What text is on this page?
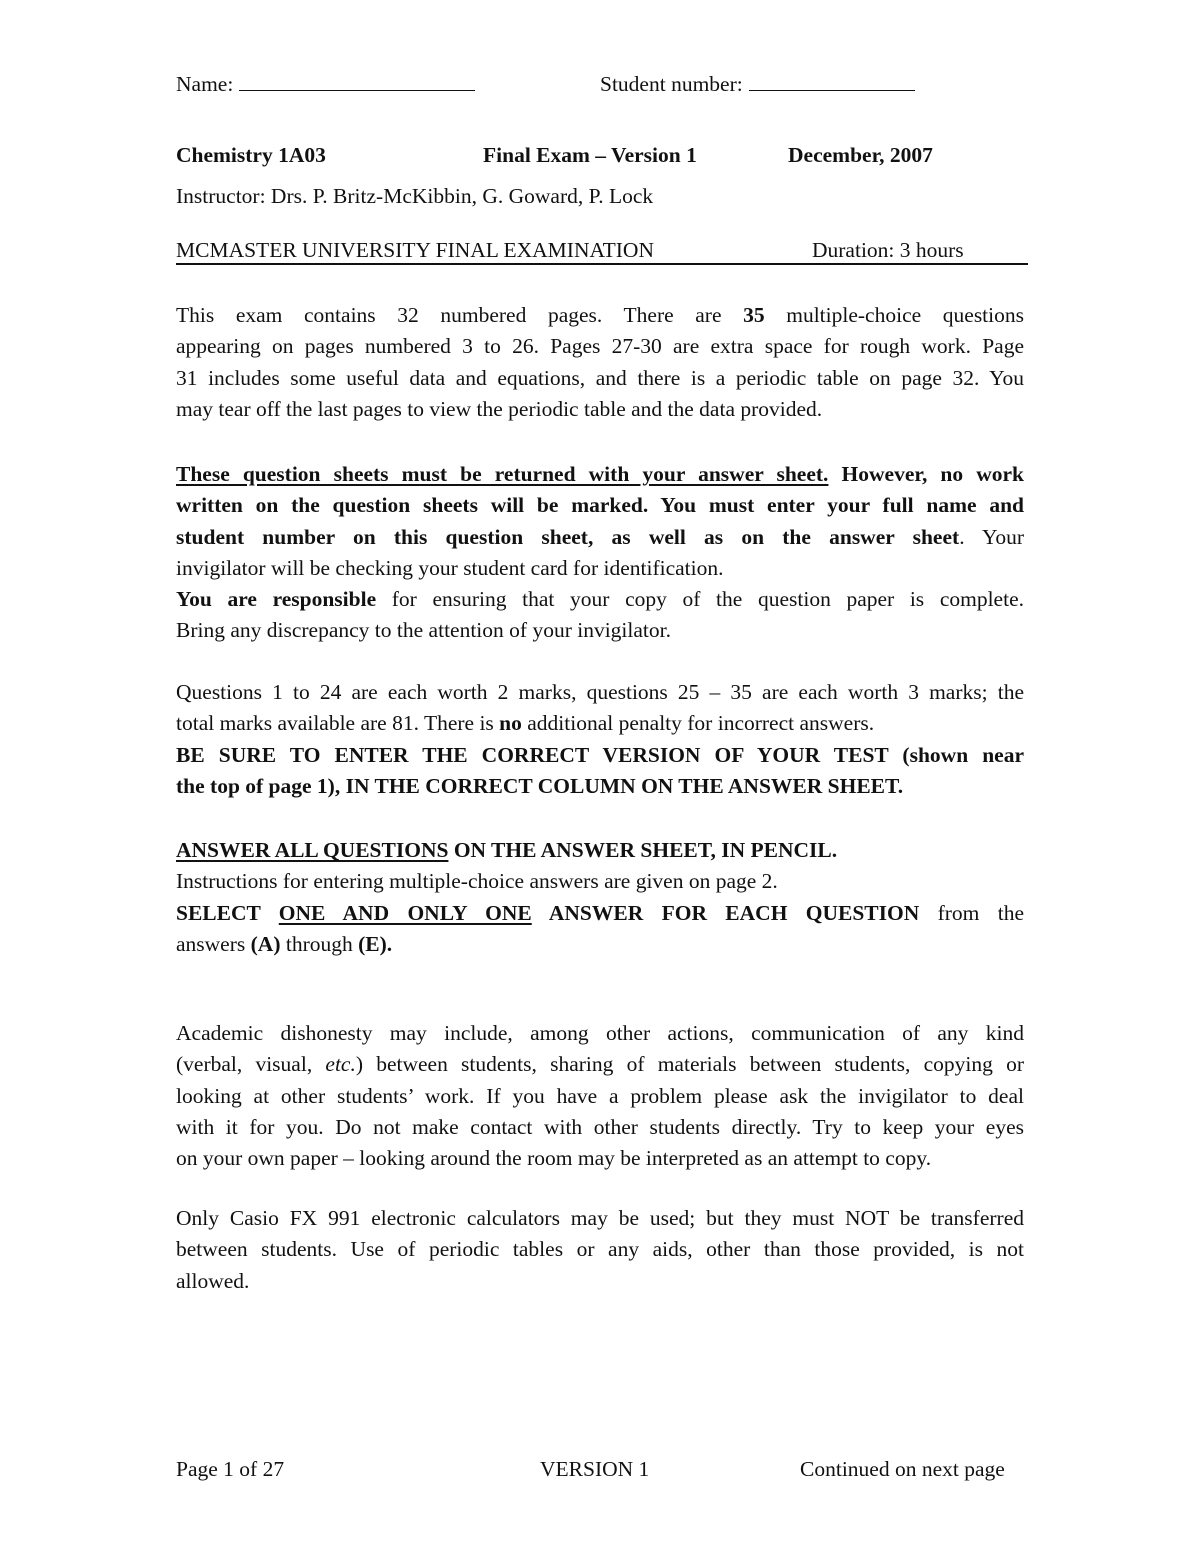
Name:	Student number:
Chemistry 1A03	Final Exam – Version 1	December, 2007
Instructor: Drs. P. Britz-McKibbin, G. Goward, P. Lock
MCMASTER UNIVERSITY FINAL EXAMINATION	Duration: 3 hours
This exam contains 32 numbered pages. There are 35 multiple-choice questions
appearing on pages numbered 3 to 26. Pages 27-30 are extra space for rough work. Page
31 includes some useful data and equations, and there is a periodic table on page 32. You
may tear off the last pages to view the periodic table and the data provided.
These question sheets must be returned with your answer sheet. However, no work
written on the question sheets will be marked. You must enter your full name and
student number on this question sheet, as well as on the answer sheet. Your
invigilator will be checking your student card for identification.
You are responsible for ensuring that your copy of the question paper is complete.
Bring any discrepancy to the attention of your invigilator.
Questions 1 to 24 are each worth 2 marks, questions 25 – 35 are each worth 3 marks; the
total marks available are 81. There is no additional penalty for incorrect answers.
BE SURE TO ENTER THE CORRECT VERSION OF YOUR TEST (shown near
the top of page 1), IN THE CORRECT COLUMN ON THE ANSWER SHEET.
ANSWER ALL QUESTIONS ON THE ANSWER SHEET, IN PENCIL.
Instructions for entering multiple-choice answers are given on page 2.
SELECT ONE AND ONLY ONE ANSWER FOR EACH QUESTION from the
answers (A) through (E).
Academic dishonesty may include, among other actions, communication of any kind
(verbal, visual, etc.) between students, sharing of materials between students, copying or
looking at other students’ work. If you have a problem please ask the invigilator to deal
with it for you. Do not make contact with other students directly. Try to keep your eyes
on your own paper – looking around the room may be interpreted as an attempt to copy.
Only Casio FX 991 electronic calculators may be used; but they must NOT be transferred
between students. Use of periodic tables or any aids, other than those provided, is not
allowed.
Page 1 of 27	VERSION 1	Continued on next page
